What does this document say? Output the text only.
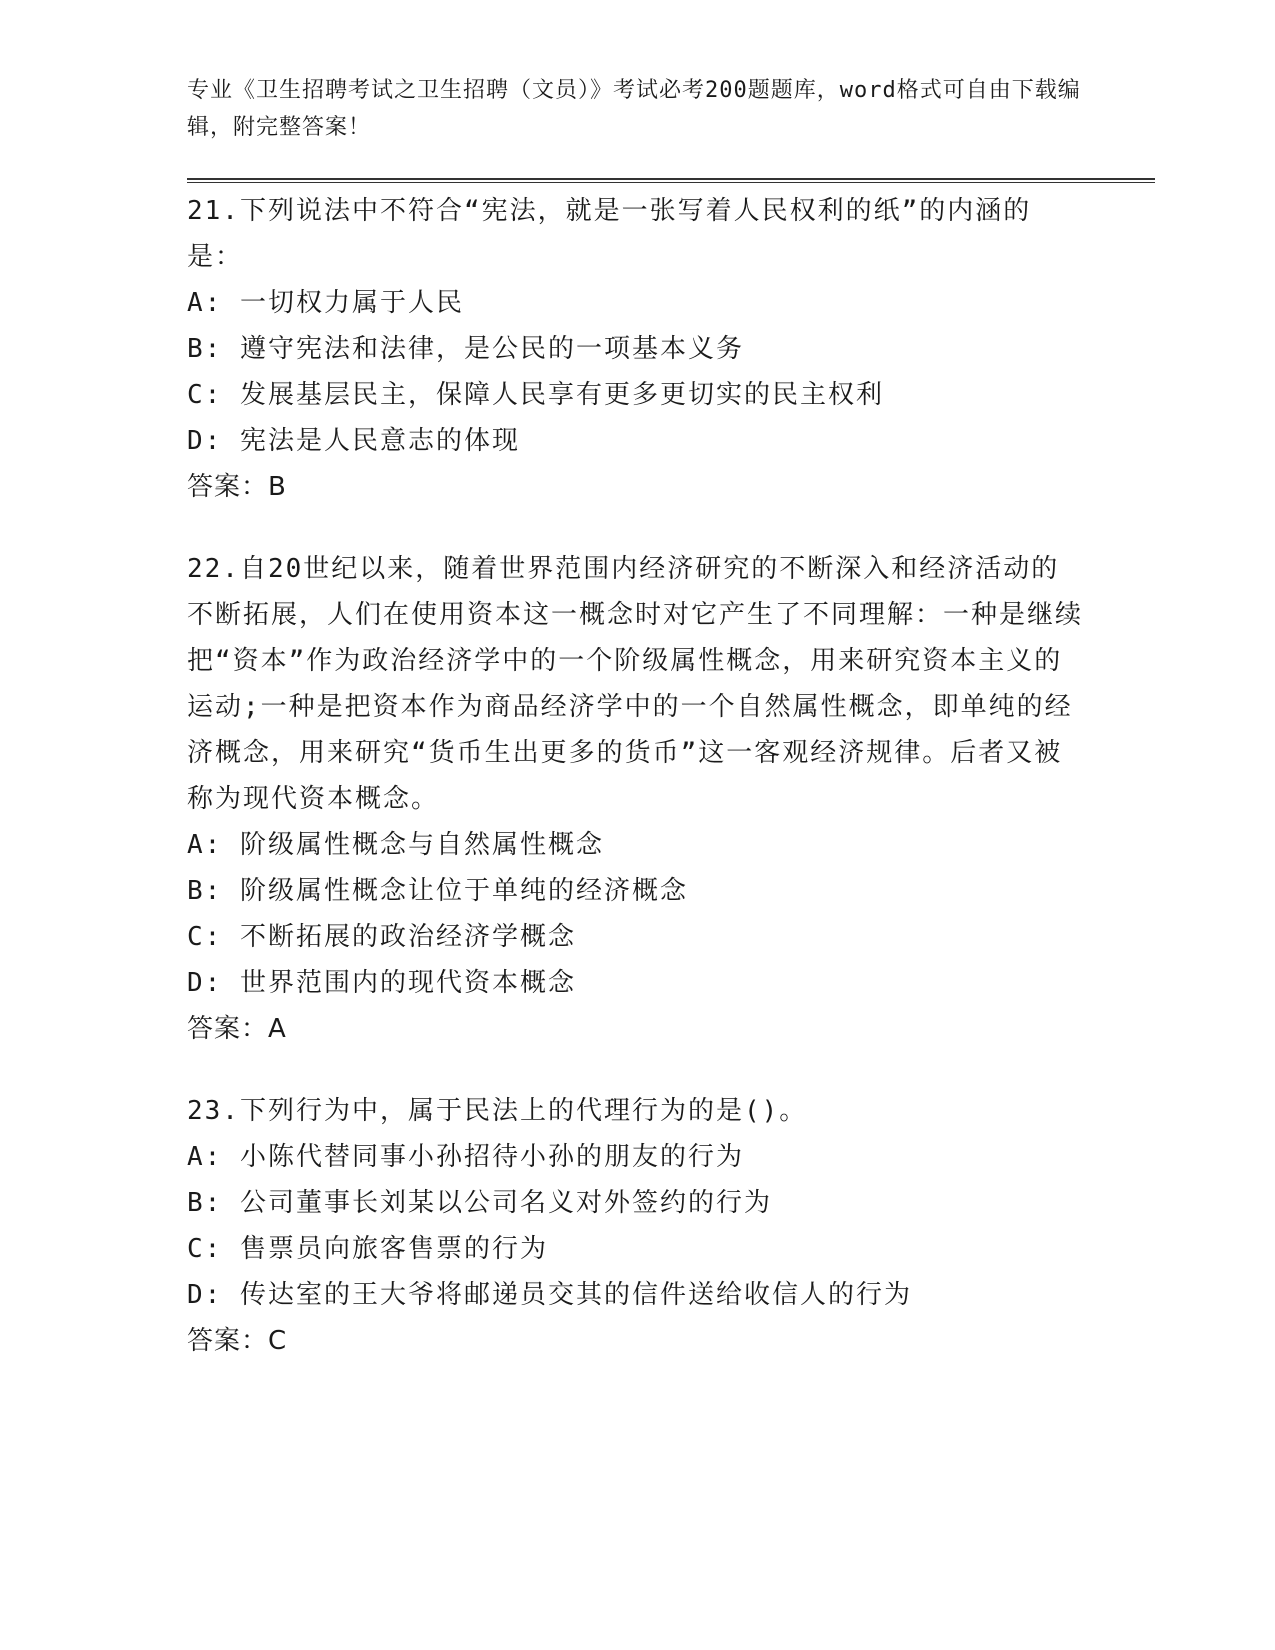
专业《卫生招聘考试之卫生招聘（文员）》考试必考200题题库，word格式可自由下载编辑，附完整答案！
21.下列说法中不符合“宪法，就是一张写着人民权利的纸”的内涵的是：
A: 一切权力属于人民
B: 遵守宪法和法律，是公民的一项基本义务
C: 发展基层民主，保障人民享有更多更切实的民主权利
D: 宪法是人民意志的体现
答案：B
22.自20世纪以来，随着世界范围内经济研究的不断深入和经济活动的不断拓展，人们在使用资本这一概念时对它产生了不同理解：一种是继续把“资本”作为政治经济学中的一个阶级属性概念，用来研究资本主义的运动;一种是把资本作为商品经济学中的一个自然属性概念，即单纯的经济概念，用来研究“货币生出更多的货币”这一客观经济规律。后者又被称为现代资本概念。
A: 阶级属性概念与自然属性概念
B: 阶级属性概念让位于单纯的经济概念
C: 不断拓展的政治经济学概念
D: 世界范围内的现代资本概念
答案：A
23.下列行为中，属于民法上的代理行为的是()。
A: 小陈代替同事小孙招待小孙的朋友的行为
B: 公司董事长刘某以公司名义对外签约的行为
C: 售票员向旅客售票的行为
D: 传达室的王大爷将邮递员交其的信件送给收信人的行为
答案：C
